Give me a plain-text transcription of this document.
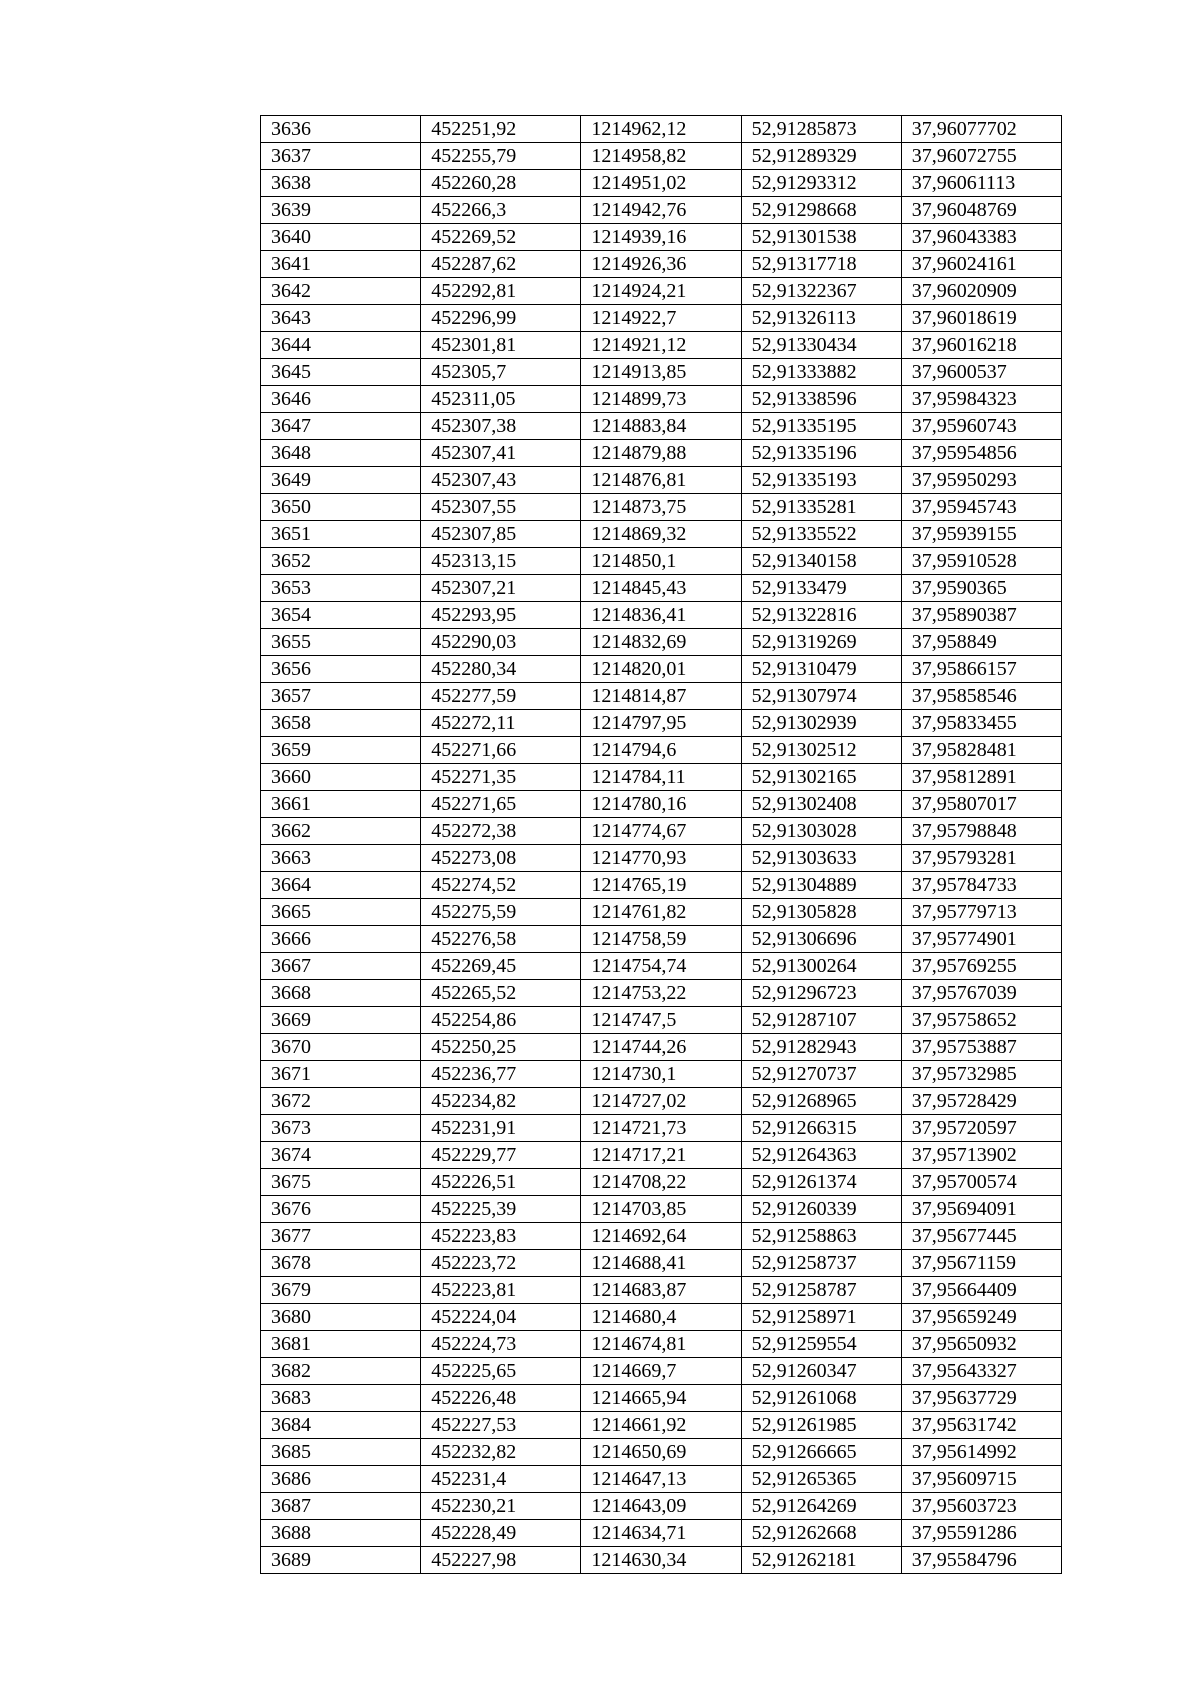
3636	452251,92	1214962,12	52,91285873	37,96077702
3637	452255,79	1214958,82	52,91289329	37,96072755
3638	452260,28	1214951,02	52,91293312	37,96061113
3639	452266,3	1214942,76	52,91298668	37,96048769
3640	452269,52	1214939,16	52,91301538	37,96043383
3641	452287,62	1214926,36	52,91317718	37,96024161
3642	452292,81	1214924,21	52,91322367	37,96020909
3643	452296,99	1214922,7	52,91326113	37,96018619
3644	452301,81	1214921,12	52,91330434	37,96016218
3645	452305,7	1214913,85	52,91333882	37,9600537
3646	452311,05	1214899,73	52,91338596	37,95984323
3647	452307,38	1214883,84	52,91335195	37,95960743
3648	452307,41	1214879,88	52,91335196	37,95954856
3649	452307,43	1214876,81	52,91335193	37,95950293
3650	452307,55	1214873,75	52,91335281	37,95945743
3651	452307,85	1214869,32	52,91335522	37,95939155
3652	452313,15	1214850,1	52,91340158	37,95910528
3653	452307,21	1214845,43	52,9133479	37,9590365
3654	452293,95	1214836,41	52,91322816	37,95890387
3655	452290,03	1214832,69	52,91319269	37,958849
3656	452280,34	1214820,01	52,91310479	37,95866157
3657	452277,59	1214814,87	52,91307974	37,95858546
3658	452272,11	1214797,95	52,91302939	37,95833455
3659	452271,66	1214794,6	52,91302512	37,95828481
3660	452271,35	1214784,11	52,91302165	37,95812891
3661	452271,65	1214780,16	52,91302408	37,95807017
3662	452272,38	1214774,67	52,91303028	37,95798848
3663	452273,08	1214770,93	52,91303633	37,95793281
3664	452274,52	1214765,19	52,91304889	37,95784733
3665	452275,59	1214761,82	52,91305828	37,95779713
3666	452276,58	1214758,59	52,91306696	37,95774901
3667	452269,45	1214754,74	52,91300264	37,95769255
3668	452265,52	1214753,22	52,91296723	37,95767039
3669	452254,86	1214747,5	52,91287107	37,95758652
3670	452250,25	1214744,26	52,91282943	37,95753887
3671	452236,77	1214730,1	52,91270737	37,95732985
3672	452234,82	1214727,02	52,91268965	37,95728429
3673	452231,91	1214721,73	52,91266315	37,95720597
3674	452229,77	1214717,21	52,91264363	37,95713902
3675	452226,51	1214708,22	52,91261374	37,95700574
3676	452225,39	1214703,85	52,91260339	37,95694091
3677	452223,83	1214692,64	52,91258863	37,95677445
3678	452223,72	1214688,41	52,91258737	37,95671159
3679	452223,81	1214683,87	52,91258787	37,95664409
3680	452224,04	1214680,4	52,91258971	37,95659249
3681	452224,73	1214674,81	52,91259554	37,95650932
3682	452225,65	1214669,7	52,91260347	37,95643327
3683	452226,48	1214665,94	52,91261068	37,95637729
3684	452227,53	1214661,92	52,91261985	37,95631742
3685	452232,82	1214650,69	52,91266665	37,95614992
3686	452231,4	1214647,13	52,91265365	37,95609715
3687	452230,21	1214643,09	52,91264269	37,95603723
3688	452228,49	1214634,71	52,91262668	37,95591286
3689	452227,98	1214630,34	52,91262181	37,95584796
